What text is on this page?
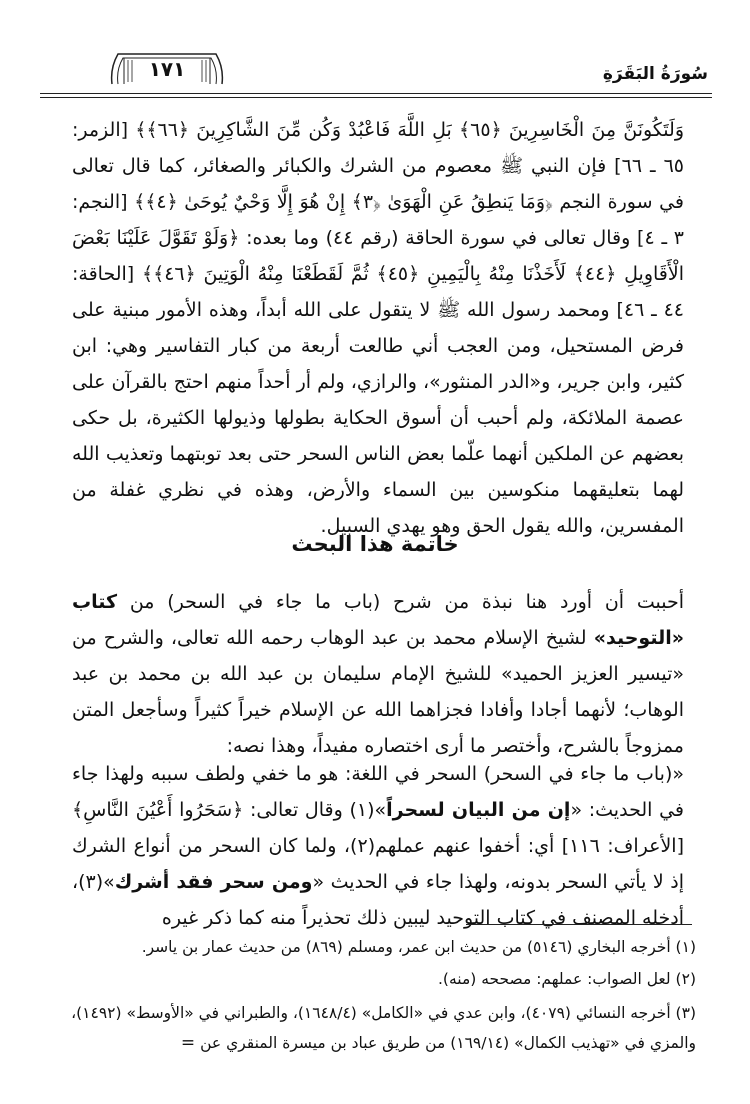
سُورَةُ البَقَرَةِ
١٧١
وَلَتَكُونَنَّ مِنَ الْخَاسِرِينَ ﴿٦٥﴾ بَلِ اللَّهَ فَاعْبُدْ وَكُن مِّنَ الشَّاكِرِينَ ﴿٦٦﴾﴾ [الزمر: ٦٥ ـ ٦٦] فإن النبي ﷺ معصوم من الشرك والكبائر والصغائر، كما قال تعالى في سورة النجم ﴿وَمَا يَنطِقُ عَنِ الْهَوَىٰ ﴿٣﴾ إِنْ هُوَ إِلَّا وَحْيٌ يُوحَىٰ ﴿٤﴾﴾ [النجم: ٣ ـ ٤] وقال تعالى في سورة الحاقة (رقم ٤٤) وما بعده: ﴿وَلَوْ تَقَوَّلَ عَلَيْنَا بَعْضَ الْأَقَاوِيلِ ﴿٤٤﴾ لَأَخَذْنَا مِنْهُ بِالْيَمِينِ ﴿٤٥﴾ ثُمَّ لَقَطَعْنَا مِنْهُ الْوَتِينَ ﴿٤٦﴾﴾ [الحاقة: ٤٤ ـ ٤٦] ومحمد رسول الله ﷺ لا يتقول على الله أبداً، وهذه الأمور مبنية على فرض المستحيل، ومن العجب أني طالعت أربعة من كبار التفاسير وهي: ابن كثير، وابن جرير، و«الدر المنثور»، والرازي، ولم أر أحداً منهم احتج بالقرآن على عصمة الملائكة، ولم أحبب أن أسوق الحكاية بطولها وذيولها الكثيرة، بل حكى بعضهم عن الملكين أنهما علّما بعض الناس السحر حتى بعد توبتهما وتعذيب الله لهما بتعليقهما منكوسين بين السماء والأرض، وهذه في نظري غفلة من المفسرين، والله يقول الحق وهو يهدي السبيل.
خاتمة هذا البحث
أحببت أن أورد هنا نبذة من شرح (باب ما جاء في السحر) من كتاب «التوحيد» لشيخ الإسلام محمد بن عبد الوهاب رحمه الله تعالى، والشرح من «تيسير العزيز الحميد» للشيخ الإمام سليمان بن عبد الله بن محمد بن عبد الوهاب؛ لأنهما أجادا وأفادا فجزاهما الله عن الإسلام خيراً كثيراً وسأجعل المتن ممزوجاً بالشرح، وأختصر ما أرى اختصاره مفيداً، وهذا نصه:
«(باب ما جاء في السحر) السحر في اللغة: هو ما خفي ولطف سببه ولهذا جاء في الحديث: «إن من البيان لسحراً»(١) وقال تعالى: ﴿سَحَرُوا أَعْيُنَ النَّاسِ﴾ [الأعراف: ١١٦] أي: أخفوا عنهم عملهم(٢)، ولما كان السحر من أنواع الشرك إذ لا يأتي السحر بدونه، ولهذا جاء في الحديث «ومن سحر فقد أشرك»(٣)، أدخله المصنف في كتاب التوحيد ليبين ذلك تحذيراً منه كما ذكر غيره
(١) أخرجه البخاري (٥١٤٦) من حديث ابن عمر، ومسلم (٨٦٩) من حديث عمار بن ياسر.
(٢) لعل الصواب: عملهم: مصححه (منه).
(٣) أخرجه النسائي (٤٠٧٩)، وابن عدي في «الكامل» (١٦٤٨/٤)، والطبراني في «الأوسط» (١٤٩٢)، والمزي في «تهذيب الكمال» (١٦٩/١٤) من طريق عباد بن ميسرة المنقري عن =
